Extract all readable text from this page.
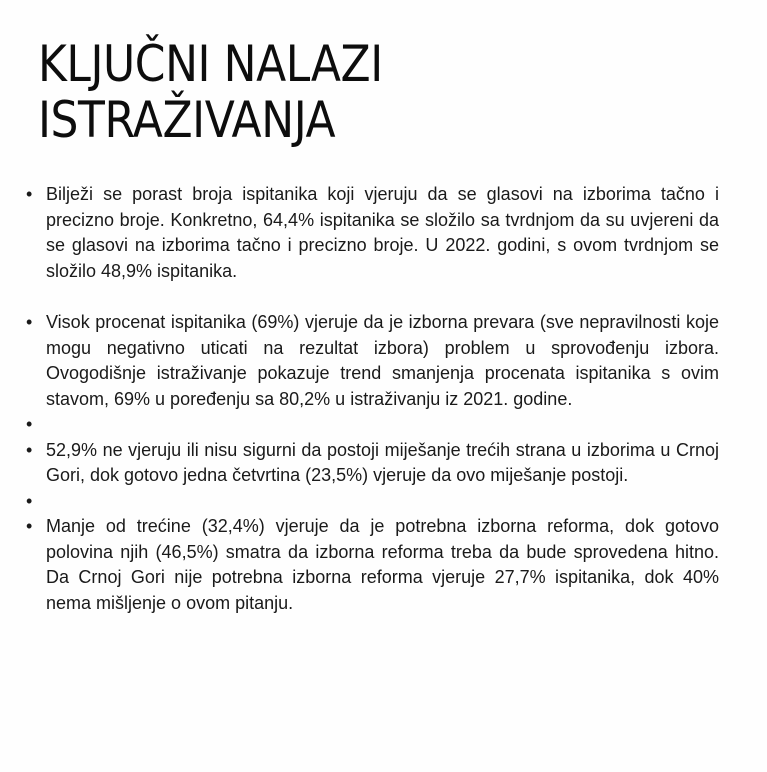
KLJUČNI NALAZI
ISTRAŽIVANJA
• Bilježi se porast broja ispitanika koji vjeruju da se glasovi na izborima tačno i precizno broje. Konkretno, 64,4% ispitanika se složilo sa tvrdnjom da su uvjereni da se glasovi na izborima tačno i precizno broje. U 2022. godini, s ovom tvrdnjom se složilo 48,9% ispitanika.
• Visok procenat ispitanika (69%) vjeruje da je izborna prevara (sve nepravilnosti koje mogu negativno uticati na rezultat izbora) problem u sprovođenju izbora. Ovogodišnje istraživanje pokazuje trend smanjenja procenata ispitanika s ovim stavom, 69% u poređenju sa 80,2% u istraživanju iz 2021. godine.
•
• 52,9% ne vjeruju ili nisu sigurni da postoji miješanje trećih strana u izborima u Crnoj Gori, dok gotovo jedna četvrtina (23,5%) vjeruje da ovo miješanje postoji.
•
• Manje od trećine (32,4%) vjeruje da je potrebna izborna reforma, dok gotovo polovina njih (46,5%) smatra da izborna reforma treba da bude sprovedena hitno. Da Crnoj Gori nije potrebna izborna reforma vjeruje 27,7% ispitanika, dok 40% nema mišljenje o ovom pitanju.
